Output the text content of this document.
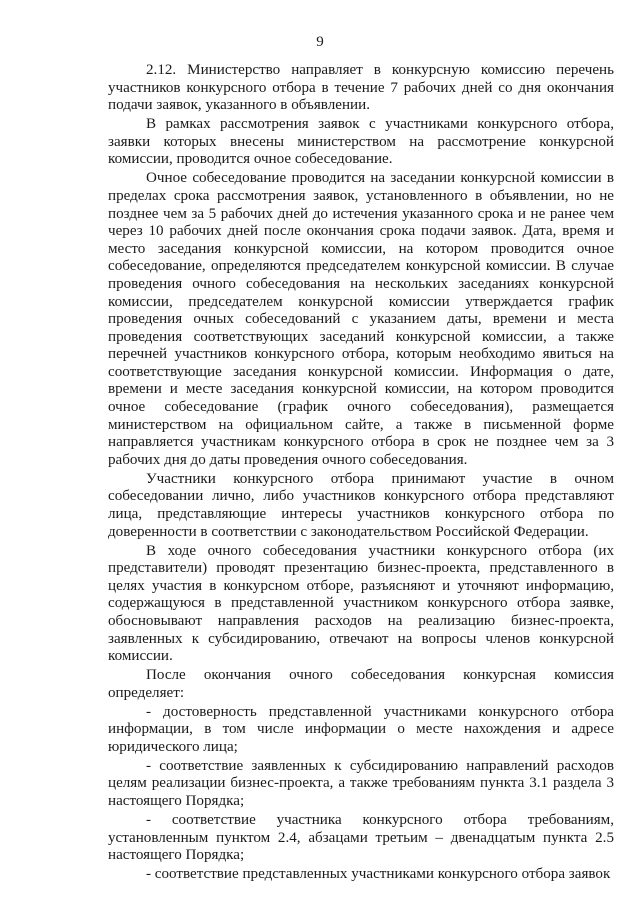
9

2.12. Министерство направляет в конкурсную комиссию перечень участников конкурсного отбора в течение 7 рабочих дней со дня окончания подачи заявок, указанного в объявлении.

В рамках рассмотрения заявок с участниками конкурсного отбора, заявки которых внесены министерством на рассмотрение конкурсной комиссии, проводится очное собеседование.

Очное собеседование проводится на заседании конкурсной комиссии в пределах срока рассмотрения заявок, установленного в объявлении, но не позднее чем за 5 рабочих дней до истечения указанного срока и не ранее чем через 10 рабочих дней после окончания срока подачи заявок. Дата, время и место заседания конкурсной комиссии, на котором проводится очное собеседование, определяются председателем конкурсной комиссии. В случае проведения очного собеседования на нескольких заседаниях конкурсной комиссии, председателем конкурсной комиссии утверждается график проведения очных собеседований с указанием даты, времени и места проведения соответствующих заседаний конкурсной комиссии, а также перечней участников конкурсного отбора, которым необходимо явиться на соответствующие заседания конкурсной комиссии. Информация о дате, времени и месте заседания конкурсной комиссии, на котором проводится очное собеседование (график очного собеседования), размещается министерством на официальном сайте, а также в письменной форме направляется участникам конкурсного отбора в срок не позднее чем за 3 рабочих дня до даты проведения очного собеседования.

Участники конкурсного отбора принимают участие в очном собеседовании лично, либо участников конкурсного отбора представляют лица, представляющие интересы участников конкурсного отбора по доверенности в соответствии с законодательством Российской Федерации.

В ходе очного собеседования участники конкурсного отбора (их представители) проводят презентацию бизнес-проекта, представленного в целях участия в конкурсном отборе, разъясняют и уточняют информацию, содержащуюся в представленной участником конкурсного отбора заявке, обосновывают направления расходов на реализацию бизнес-проекта, заявленных к субсидированию, отвечают на вопросы членов конкурсной комиссии.

После окончания очного собеседования конкурсная комиссия определяет:

- достоверность представленной участниками конкурсного отбора информации, в том числе информации о месте нахождения и адресе юридического лица;

- соответствие заявленных к субсидированию направлений расходов целям реализации бизнес-проекта, а также требованиям пункта 3.1 раздела 3 настоящего Порядка;

- соответствие участника конкурсного отбора требованиям, установленным пунктом 2.4, абзацами третьим – двенадцатым пункта 2.5 настоящего Порядка;

- соответствие представленных участниками конкурсного отбора заявок
